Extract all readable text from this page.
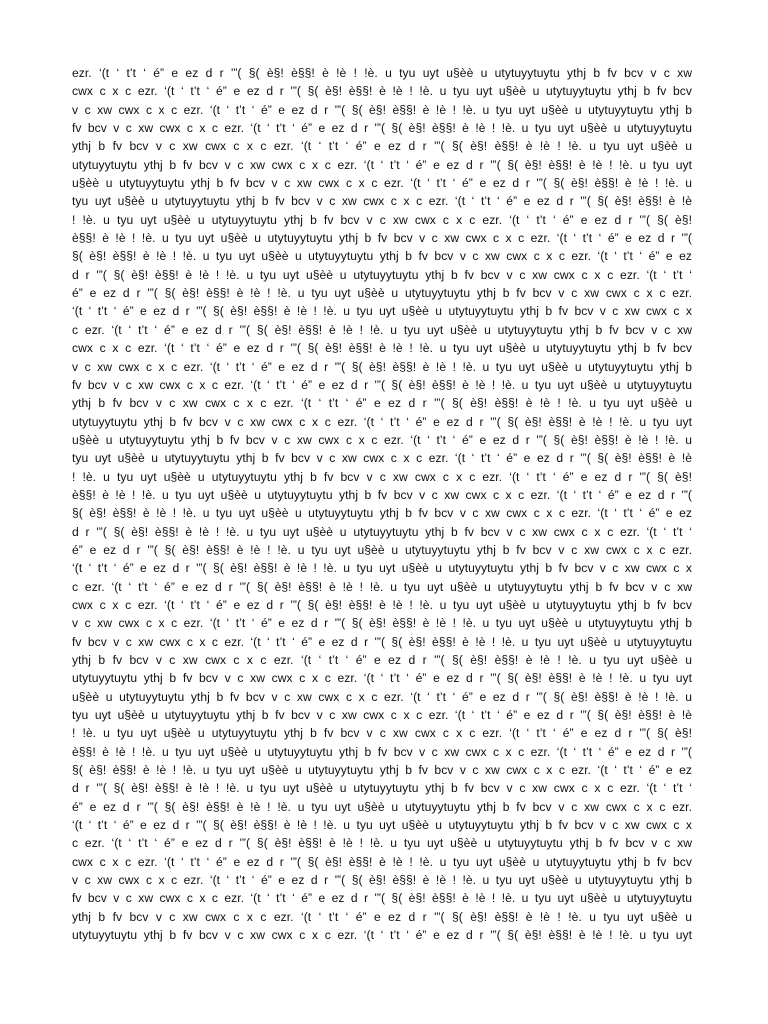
ezr. ‘(t ‘ t’t ‘ é” e ez d r '”( §( è§! è§§! è !è ! !è. u tyu uyt u§èè u utytuyytuytu ythj b fv bcv v c xw
cwx c x c ezr. ‘(t ‘ t’t ‘ é” e ez d r '”( §( è§! è§§! è !è ! !è. u tyu uyt u§èè u utytuyytuytu ythj b fv bcv
v c xw cwx c x c ezr. ‘(t ‘ t’t ‘ é” e ez d r '”( §( è§! è§§! è !è ! !è. u tyu uyt u§èè u utytuyytuytu ythj b
fv bcv v c xw cwx c x c ezr. ‘(t ‘ t’t ‘ é” e ez d r '”( §( è§! è§§! è !è ! !è. u tyu uyt u§èè u utytuyytuytu
ythj b fv bcv v c xw cwx c x c ezr. ‘(t ‘ t’t ‘ é” e ez d r '”( §( è§! è§§! è !è ! !è. u tyu uyt u§èè u
utytuyytuytu ythj b fv bcv v c xw cwx c x c ezr. ‘(t ‘ t’t ‘ é” e ez d r '”( §( è§! è§§! è !è ! !è. u tyu uyt
u§èè u utytuyytuytu ythj b fv bcv v c xw cwx c x c ezr. ‘(t ‘ t’t ‘ é” e ez d r '”( §( è§! è§§! è !è ! !è. u
tyu uyt u§èè u utytuyytuytu ythj b fv bcv v c xw cwx c x c ezr. ‘(t ‘ t’t ‘ é” e ez d r '”( §( è§! è§§! è !è
! !è. u tyu uyt u§èè u utytuyytuytu ythj b fv bcv v c xw cwx c x c ezr. ‘(t ‘ t’t ‘ é” e ez d r '”( §( è§!
è§§! è !è ! !è. u tyu uyt u§èè u utytuyytuytu ythj b fv bcv v c xw cwx c x c ezr. ‘(t ‘ t’t ‘ é” e ez d r '”(
§( è§! è§§! è !è ! !è. u tyu uyt u§èè u utytuyytuytu ythj b fv bcv v c xw cwx c x c ezr. ‘(t ‘ t’t ‘ é” e ez
d r '”( §( è§! è§§! è !è ! !è. u tyu uyt u§èè u utytuyytuytu ythj b fv bcv v c xw cwx c x c ezr. ‘(t ‘ t’t ‘
é” e ez d r '”( §( è§! è§§! è !è ! !è. u tyu uyt u§èè u utytuyytuytu ythj b fv bcv v c xw cwx c x c ezr.
‘(t ‘ t’t ‘ é” e ez d r '”( §( è§! è§§! è !è ! !è. u tyu uyt u§èè u utytuyytuytu ythj b fv bcv v c xw cwx c x
c ezr. ‘(t ‘ t’t ‘ é” e ez d r '”( §( è§! è§§! è !è ! !è. u tyu uyt u§èè u utytuyytuytu ythj b fv bcv v c xw
cwx c x c ezr. ‘(t ‘ t’t ‘ é” e ez d r '”( §( è§! è§§! è !è ! !è. u tyu uyt u§èè u utytuyytuytu ythj b fv bcv
v c xw cwx c x c ezr. ‘(t ‘ t’t ‘ é” e ez d r '”( §( è§! è§§! è !è ! !è. u tyu uyt u§èè u utytuyytuytu ythj b
fv bcv v c xw cwx c x c ezr. ‘(t ‘ t’t ‘ é” e ez d r '”( §( è§! è§§! è !è ! !è. u tyu uyt u§èè u utytuyytuytu
ythj b fv bcv v c xw cwx c x c ezr. ‘(t ‘ t’t ‘ é” e ez d r '”( §( è§! è§§! è !è ! !è. u tyu uyt u§èè u
utytuyytuytu ythj b fv bcv v c xw cwx c x c ezr. ‘(t ‘ t’t ‘ é” e ez d r '”( §( è§! è§§! è !è ! !è. u tyu uyt
u§èè u utytuyytuytu ythj b fv bcv v c xw cwx c x c ezr. ‘(t ‘ t’t ‘ é” e ez d r '”( §( è§! è§§! è !è ! !è. u
tyu uyt u§èè u utytuyytuytu ythj b fv bcv v c xw cwx c x c ezr. ‘(t ‘ t’t ‘ é” e ez d r '”( §( è§! è§§! è !è
! !è. u tyu uyt u§èè u utytuyytuytu ythj b fv bcv v c xw cwx c x c ezr. ‘(t ‘ t’t ‘ é” e ez d r '”( §( è§!
è§§! è !è ! !è. u tyu uyt u§èè u utytuyytuytu ythj b fv bcv v c xw cwx c x c ezr. ‘(t ‘ t’t ‘ é” e ez d r '”(
§( è§! è§§! è !è ! !è. u tyu uyt u§èè u utytuyytuytu ythj b fv bcv v c xw cwx c x c ezr. ‘(t ‘ t’t ‘ é” e ez
d r '”( §( è§! è§§! è !è ! !è. u tyu uyt u§èè u utytuyytuytu ythj b fv bcv v c xw cwx c x c ezr. ‘(t ‘ t’t ‘
é” e ez d r '”( §( è§! è§§! è !è ! !è. u tyu uyt u§èè u utytuyytuytu ythj b fv bcv v c xw cwx c x c ezr.
‘(t ‘ t’t ‘ é” e ez d r '”( §( è§! è§§! è !è ! !è. u tyu uyt u§èè u utytuyytuytu ythj b fv bcv v c xw cwx c x
c ezr. ‘(t ‘ t’t ‘ é” e ez d r '”( §( è§! è§§! è !è ! !è. u tyu uyt u§èè u utytuyytuytu ythj b fv bcv v c xw
cwx c x c ezr. ‘(t ‘ t’t ‘ é” e ez d r '”( §( è§! è§§! è !è ! !è. u tyu uyt u§èè u utytuyytuytu ythj b fv bcv
v c xw cwx c x c ezr. ‘(t ‘ t’t ‘ é” e ez d r '”( §( è§! è§§! è !è ! !è. u tyu uyt u§èè u utytuyytuytu ythj b
fv bcv v c xw cwx c x c ezr. ‘(t ‘ t’t ‘ é” e ez d r '”( §( è§! è§§! è !è ! !è. u tyu uyt u§èè u utytuyytuytu
ythj b fv bcv v c xw cwx c x c ezr. ‘(t ‘ t’t ‘ é” e ez d r '”( §( è§! è§§! è !è ! !è. u tyu uyt u§èè u
utytuyytuytu ythj b fv bcv v c xw cwx c x c ezr. ‘(t ‘ t’t ‘ é” e ez d r '”( §( è§! è§§! è !è ! !è. u tyu uyt
u§èè u utytuyytuytu ythj b fv bcv v c xw cwx c x c ezr. ‘(t ‘ t’t ‘ é” e ez d r '”( §( è§! è§§! è !è ! !è. u
tyu uyt u§èè u utytuyytuytu ythj b fv bcv v c xw cwx c x c ezr. ‘(t ‘ t’t ‘ é” e ez d r '”( §( è§! è§§! è !è
! !è. u tyu uyt u§èè u utytuyytuytu ythj b fv bcv v c xw cwx c x c ezr. ‘(t ‘ t’t ‘ é” e ez d r '”( §( è§!
è§§! è !è ! !è. u tyu uyt u§èè u utytuyytuytu ythj b fv bcv v c xw cwx c x c ezr. ‘(t ‘ t’t ‘ é” e ez d r '”(
§( è§! è§§! è !è ! !è. u tyu uyt u§èè u utytuyytuytu ythj b fv bcv v c xw cwx c x c ezr. ‘(t ‘ t’t ‘ é” e ez
d r '”( §( è§! è§§! è !è ! !è. u tyu uyt u§èè u utytuyytuytu ythj b fv bcv v c xw cwx c x c ezr. ‘(t ‘ t’t ‘
é” e ez d r '”( §( è§! è§§! è !è ! !è. u tyu uyt u§èè u utytuyytuytu ythj b fv bcv v c xw cwx c x c ezr.
‘(t ‘ t’t ‘ é” e ez d r '”( §( è§! è§§! è !è ! !è. u tyu uyt u§èè u utytuyytuytu ythj b fv bcv v c xw cwx c x
c ezr. ‘(t ‘ t’t ‘ é” e ez d r '”( §( è§! è§§! è !è ! !è. u tyu uyt u§èè u utytuyytuytu ythj b fv bcv v c xw
cwx c x c ezr. ‘(t ‘ t’t ‘ é” e ez d r '”( §( è§! è§§! è !è ! !è. u tyu uyt u§èè u utytuyytuytu ythj b fv bcv
v c xw cwx c x c ezr. ‘(t ‘ t’t ‘ é” e ez d r '”( §( è§! è§§! è !è ! !è. u tyu uyt u§èè u utytuyytuytu ythj b
fv bcv v c xw cwx c x c ezr. ‘(t ‘ t’t ‘ é” e ez d r '”( §( è§! è§§! è !è ! !è. u tyu uyt u§èè u utytuyytuytu
ythj b fv bcv v c xw cwx c x c ezr. ‘(t ‘ t’t ‘ é” e ez d r '”( §( è§! è§§! è !è ! !è. u tyu uyt u§èè u
utytuyytuytu ythj b fv bcv v c xw cwx c x c ezr. ‘(t ‘ t’t ‘ é” e ez d r '”( §( è§! è§§! è !è ! !è. u tyu uyt
